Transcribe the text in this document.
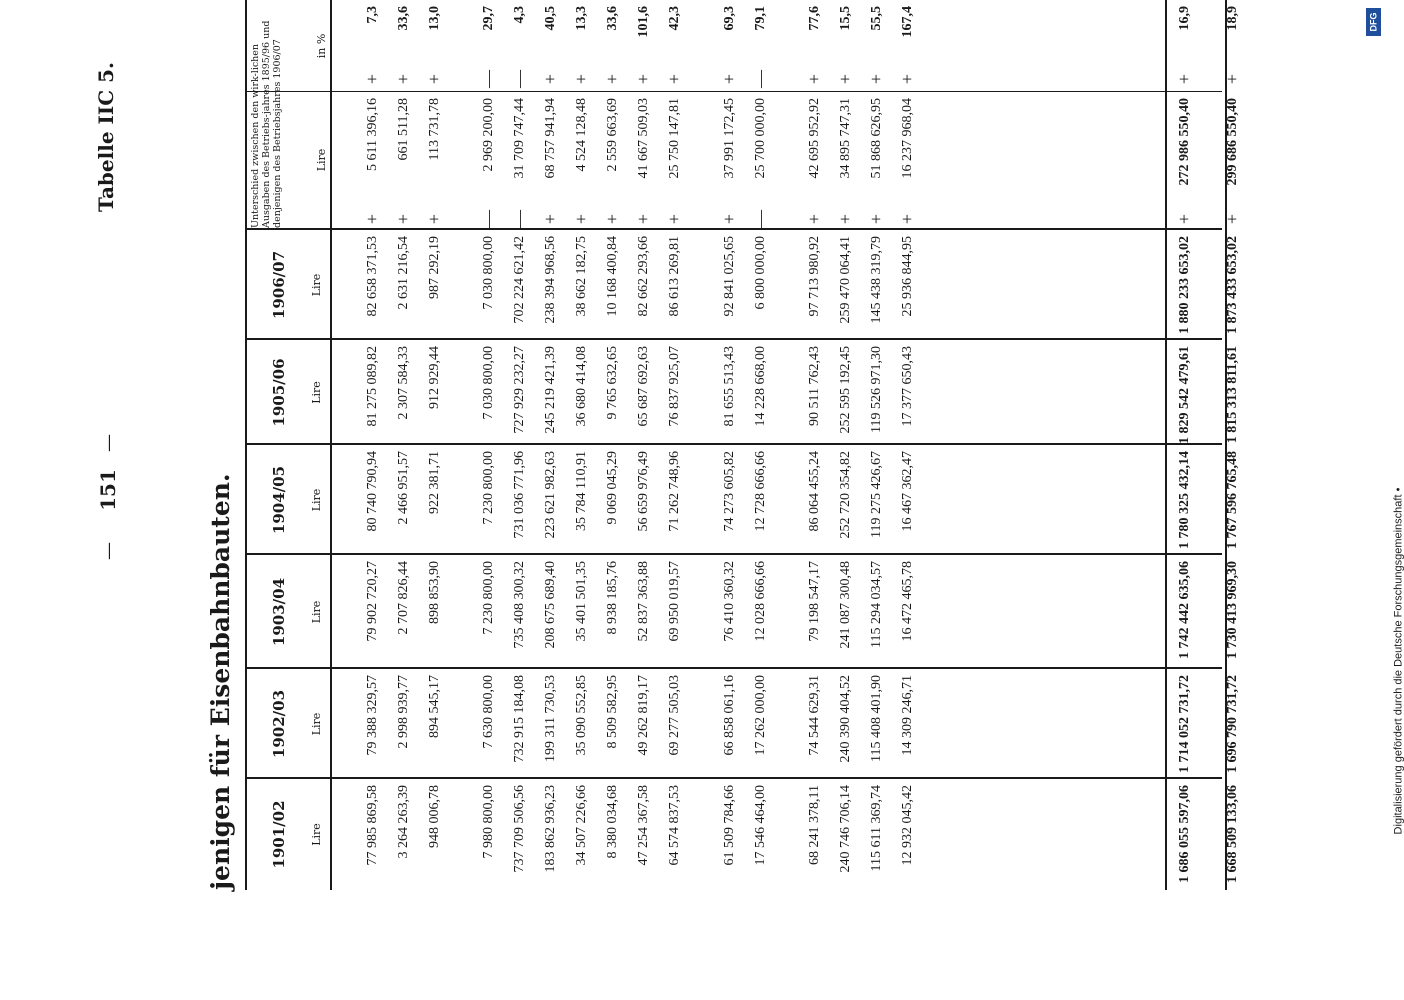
151
—
—
Tabelle IIC 5.
jenigen für Eisenbahnbauten. 1901/02 Lire
1902/03 Lire
1903/04 Lire
1904/05 Lire
1905/06 Lire
1906/07 Lire
Unterschied zwischen den wirk-lichen Ausgaben des Betriebs-jahres 1895/96 und denjenigen des Betriebsjahres 1906/07	Lire
in %
77 985 869,58
79 388 329,57
79 902 720,27
80 740 790,94
81 275 089,82
82 658 371,53
+
5 611 396,16
+
7,3
3 264 263,39
2 998 939,77
2 707 826,44
2 466 951,57
2 307 584,33
2 631 216,54
+
661 511,28
+
33,6
948 006,78
894 545,17
898 853,90
922 381,71
912 929,44
987 292,19
+
113 731,78
+
13,0
7 980 800,00
7 630 800,00
7 230 800,00
7 230 800,00
7 030 800,00
7 030 800,00
—
2 969 200,00
—
29,7
737 709 506,56
732 915 184,08
735 408 300,32
731 036 771,96
727 929 232,27
702 224 621,42
—
31 709 747,44
—
4,3
183 862 936,23
199 311 730,53
208 675 689,40
223 621 982,63
245 219 421,39
238 394 968,56
+
68 757 941,94
+
40,5
34 507 226,66
35 090 552,85
35 401 501,35
35 784 110,91
36 680 414,08
38 662 182,75
+
4 524 128,48
+
13,3
8 380 034,68
8 509 582,95
8 938 185,76
9 069 045,29
9 765 632,65
10 168 400,84
+
2 559 663,69
+
33,6
47 254 367,58
49 262 819,17
52 837 363,88
56 659 976,49
65 687 692,63
82 662 293,66
+
41 667 509,03
+
101,6
64 574 837,53
69 277 505,03
69 950 019,57
71 262 748,96
76 837 925,07
86 613 269,81
+
25 750 147,81
+
42,3
61 509 784,66
66 858 061,16
76 410 360,32
74 273 605,82
81 655 513,43
92 841 025,65
+
37 991 172,45
+
69,3
17 546 464,00
17 262 000,00
12 028 666,66
12 728 666,66
14 228 668,00
6 800 000,00
—
25 700 000,00
—
79,1
68 241 378,11
74 544 629,31
79 198 547,17
86 064 455,24
90 511 762,43
97 713 980,92
+
42 695 952,92
+
77,6
240 746 706,14
240 390 404,52
241 087 300,48
252 720 354,82
252 595 192,45
259 470 064,41
+
34 895 747,31
+
15,5
115 611 369,74
115 408 401,90
115 294 034,57
119 275 426,67
119 526 971,30
145 438 319,79
+
51 868 626,95
+
55,5
12 932 045,42
14 309 246,71
16 472 465,78
16 467 362,47
17 377 650,43
25 936 844,95
+
16 237 968,04
+
167,4
1 686 055 597,06
1 714 052 731,72
1 742 442 635,06
1 780 325 432,14
1 829 542 479,61
1 880 233 653,02
+
272 986 550,40
+
16,9
1 668 509 133,06
1 696 790 731,72
1 730 413 969,30
1 767 596 765,48
1 815 313 811,61
1 873 433 653,02
+
299 686 550,40
+
18,9
Digitalisierung gefördert durch die Deutsche Forschungsgemeinschaft •
DFG
